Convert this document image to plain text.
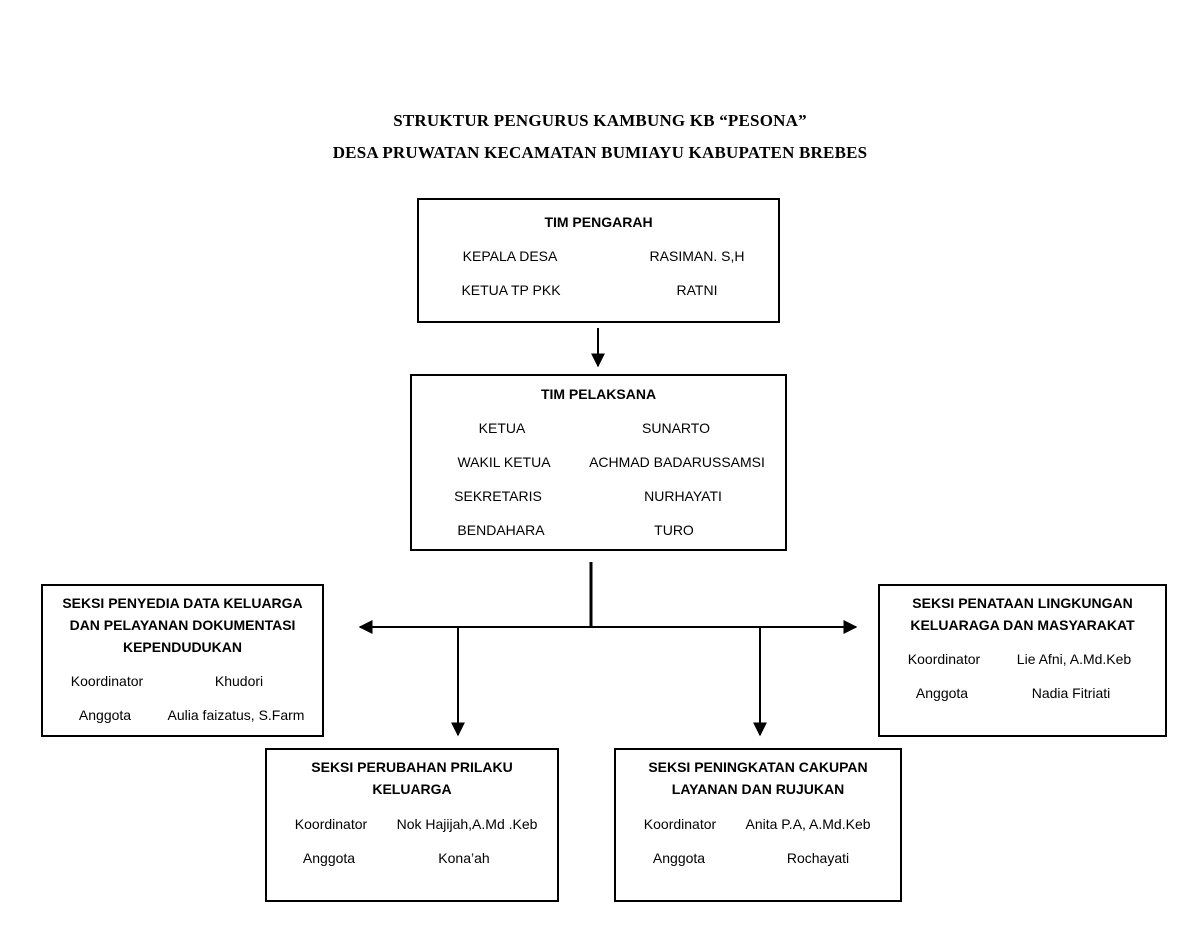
STRUKTUR PENGURUS KAMBUNG KB “PESONA”
DESA PRUWATAN KECAMATAN BUMIAYU KABUPATEN BREBES
TIM PENGARAH
KEPALA DESA	RASIMAN. S,H
KETUA TP PKK	RATNI
TIM PELAKSANA
KETUA	SUNARTO
WAKIL KETUA	ACHMAD BADARUSSAMSI
SEKRETARIS	NURHAYATI
BENDAHARA	TURO
SEKSI PENYEDIA DATA KELUARGA
DAN PELAYANAN DOKUMENTASI
KEPENDUDUKAN
Koordinator	Khudori
Anggota	Aulia faizatus, S.Farm
SEKSI PENATAAN LINGKUNGAN
KELUARAGA DAN MASYARAKAT
Koordinator	Lie Afni, A.Md.Keb
Anggota	Nadia Fitriati
SEKSI PERUBAHAN PRILAKU
KELUARGA
Koordinator Nok Hajijah,A.Md .Keb
Anggota	Kona’ah
SEKSI PENINGKATAN CAKUPAN
LAYANAN DAN RUJUKAN
Koordinator Anita P.A, A.Md.Keb
Anggota	Rochayati
